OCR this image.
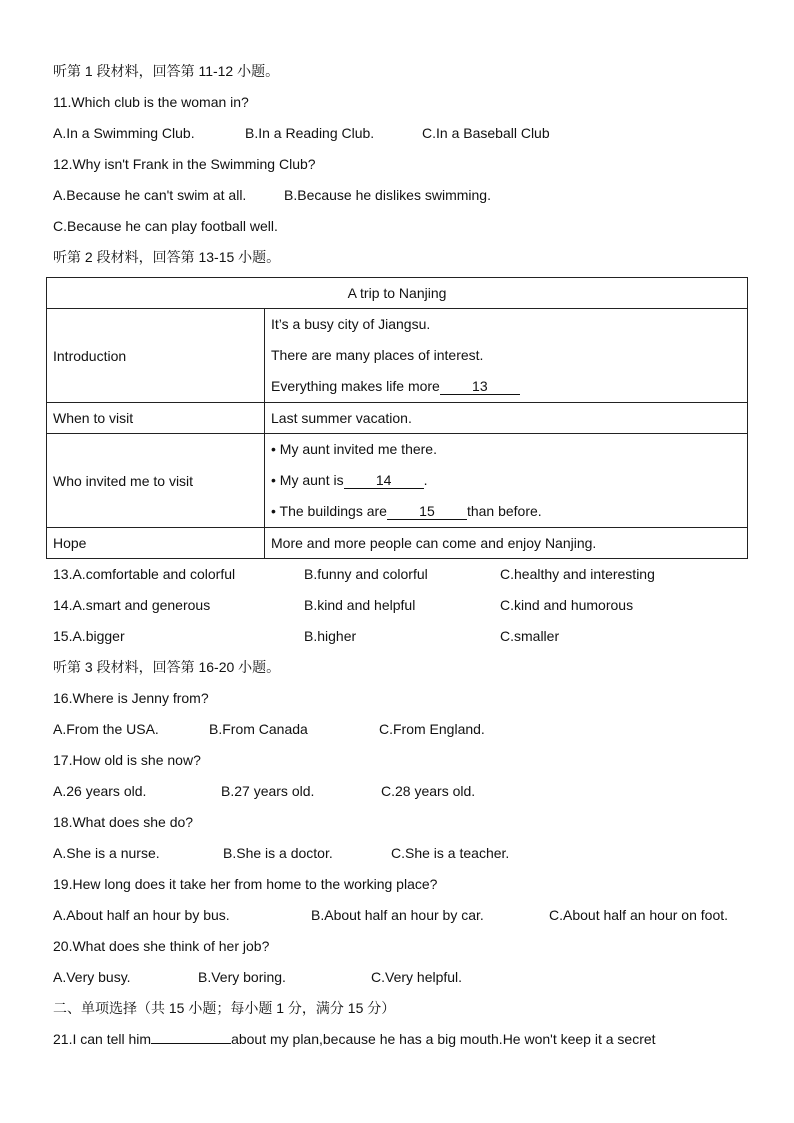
听第 1 段材料，回答第 11-12 小题。
11.Which club is the woman in?
A.In a Swimming Club.	B.In a Reading Club.	C.In a Baseball Club
12.Why isn't Frank in the Swimming Club?
A.Because he can't swim at all.	B.Because he dislikes swimming.
C.Because he can play football well.
听第 2 段材料，回答第 13-15 小题。
A trip to Nanjing	
Introduction	It’s a busy city of Jiangsu.
There are many places of interest.
Everything makes life more 13

When to visit	Last summer vacation.
Who invited me to visit	• My aunt invited me there.
• My aunt is 14 .
• The buildings are 15 than before.

Hope	More and more people can come and enjoy Nanjing.
13.A.comfortable and colorful	B.funny and colorful	C.healthy and interesting
14.A.smart and generous	B.kind and helpful	C.kind and humorous
15.A.bigger	B.higher	C.smaller
听第 3 段材料，回答第 16-20 小题。
16.Where is Jenny from?
A.From the USA.	B.From Canada	C.From England.
17.How old is she now?
A.26 years old.	B.27 years old.	C.28 years old.
18.What does she do?
A.She is a nurse.	B.She is a doctor.	C.She is a teacher.
19.Hew long does it take her from home to the working place?
A.About half an hour by bus.	B.About half an hour by car.	C.About half an hour on foot.
20.What does she think of her job?
A.Very busy.	B.Very boring.	C.Very helpful.
二、单项选择（共 15 小题；每小题 1 分，满分 15 分）
21.I can tell him	about my plan,because he has a big mouth.He won't keep it a secret
